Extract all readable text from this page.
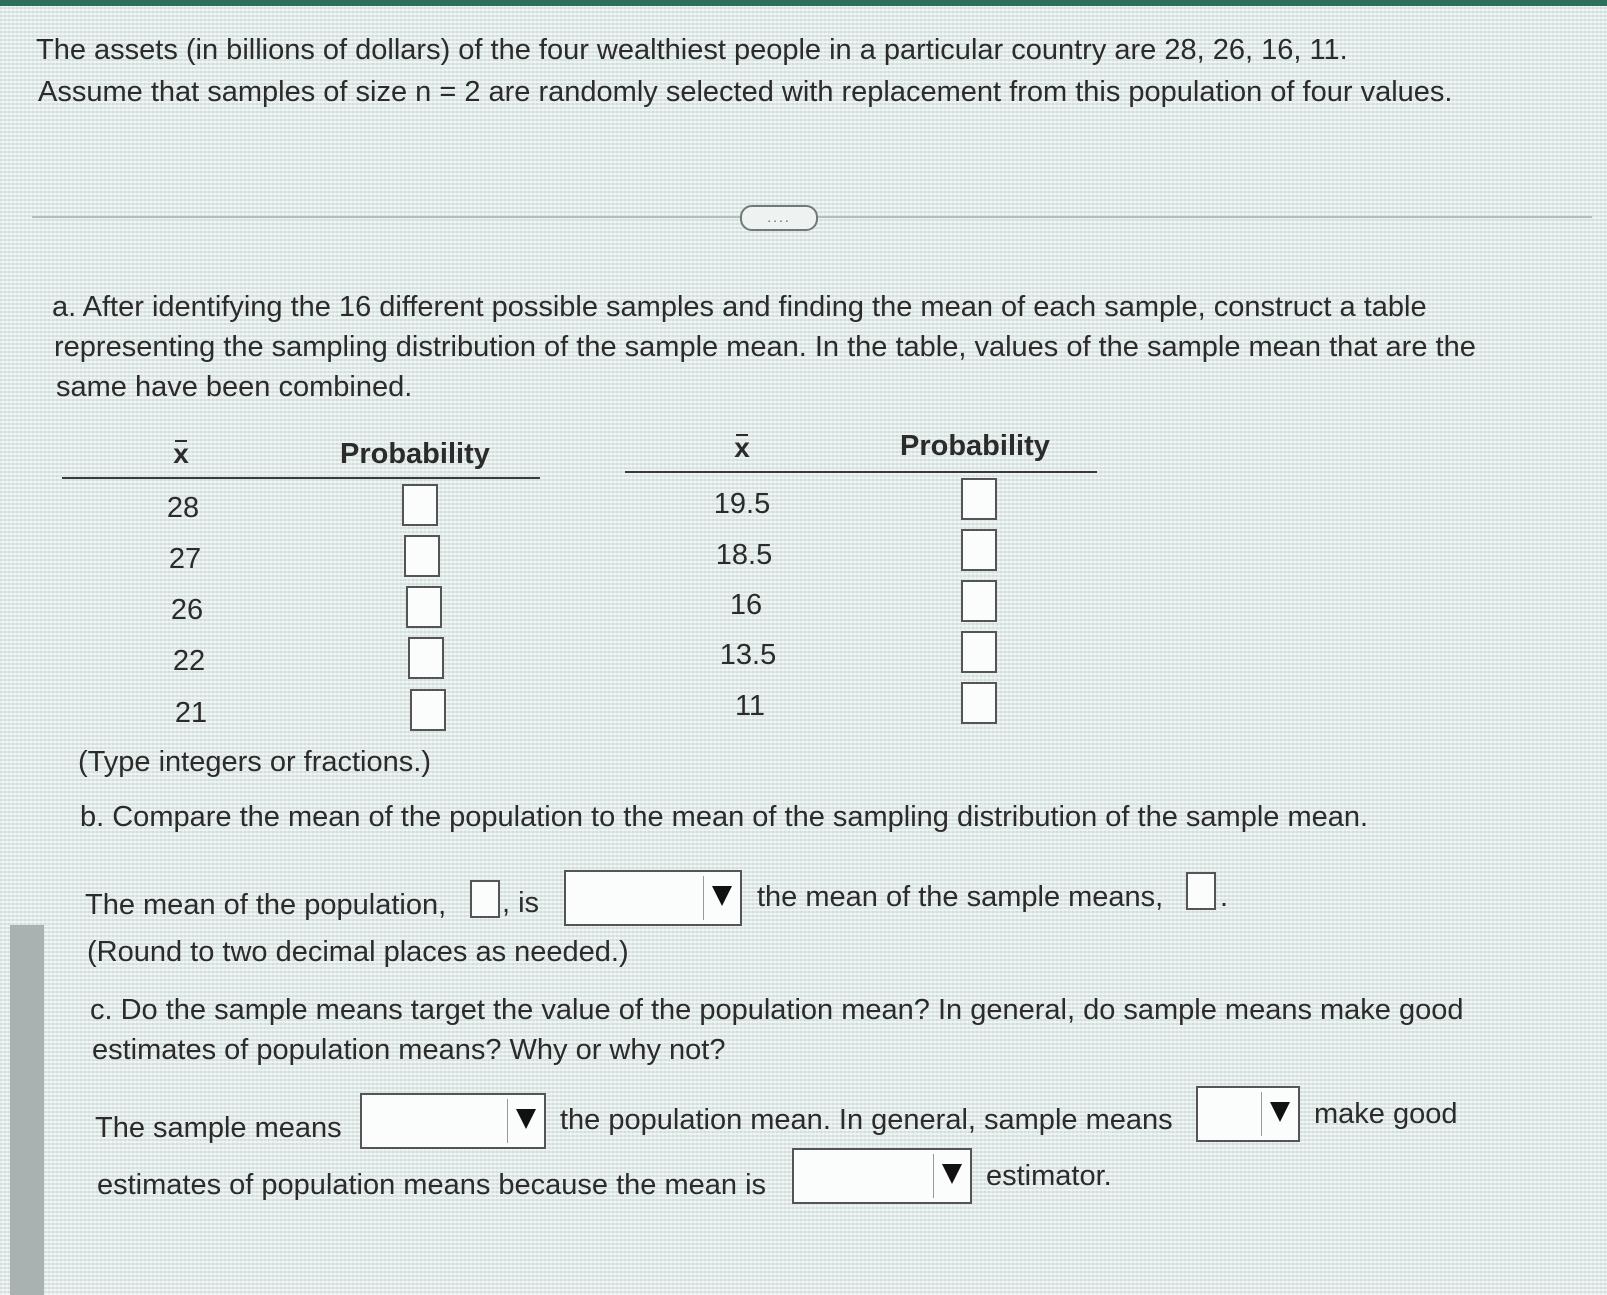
The assets (in billions of dollars) of the four wealthiest people in a particular country are 28, 26, 16, 11.
Assume that samples of size n = 2 are randomly selected with replacement from this population of four values.
....
a. After identifying the 16 different possible samples and finding the mean of each sample, construct a table
representing the sampling distribution of the sample mean. In the table, values of the sample mean that are the
same have been combined.
x	Probability
28
27
26
22
21
x	Probability
19.5
18.5
16
13.5
11
(Type integers or fractions.)
b. Compare the mean of the population to the mean of the sampling distribution of the sample mean.
The mean of the population, , is	the mean of the sample means, .
(Round to two decimal places as needed.)
c. Do the sample means target the value of the population mean? In general, do sample means make good
estimates of population means? Why or why not?
The sample means	the population mean. In general, sample means	make good
estimates of population means because the mean is	estimator.
